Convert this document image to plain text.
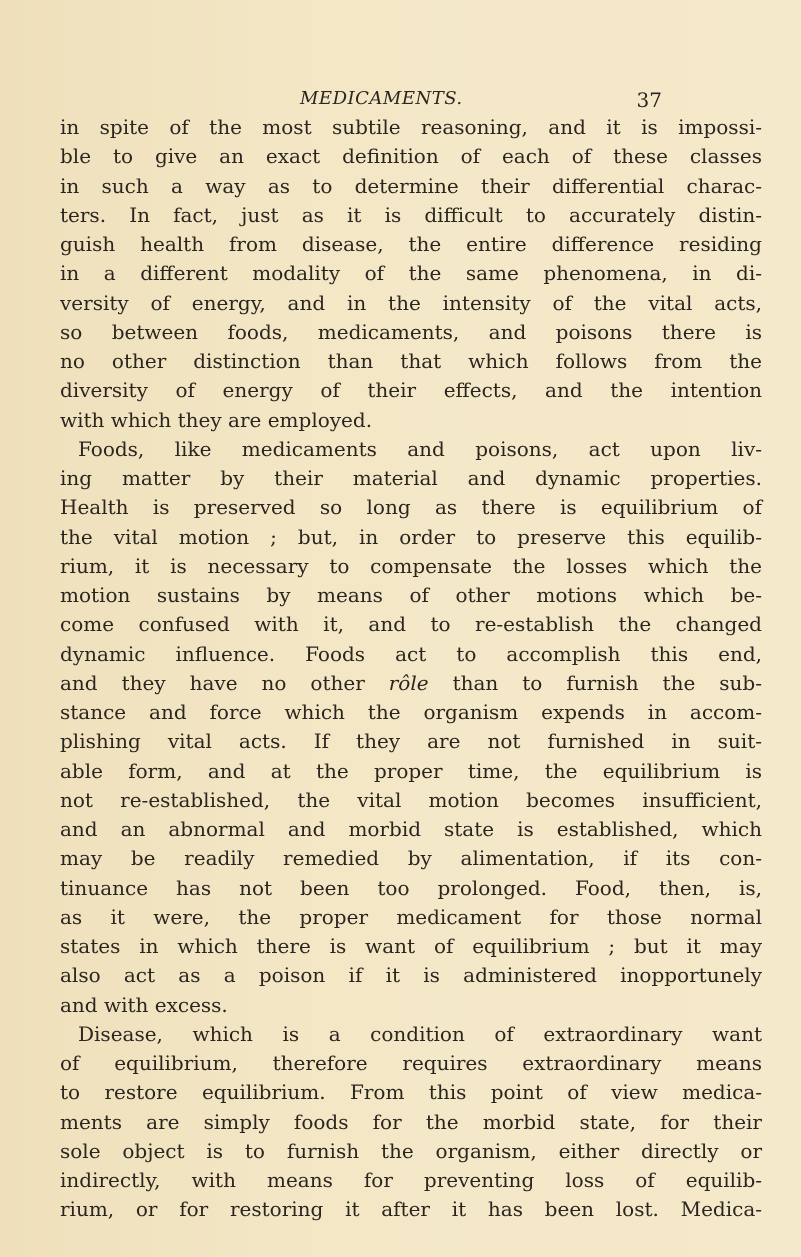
MEDICAMENTS.	37
in spite of the most subtile reasoning, and it is impossi-
ble to give an exact definition of each of these classes
in such a way as to determine their differential charac-
ters. In fact, just as it is difficult to accurately distin-
guish health from disease, the entire difference residing
in a different modality of the same phenomena, in di-
versity of energy, and in the intensity of the vital acts,
so between foods, medicaments, and poisons there is
no other distinction than that which follows from the
diversity of energy of their effects, and the intention
with which they are employed.
Foods, like medicaments and poisons, act upon liv-
ing matter by their material and dynamic properties.
Health is preserved so long as there is equilibrium of
the vital motion ; but, in order to preserve this equilib-
rium, it is necessary to compensate the losses which the
motion sustains by means of other motions which be-
come confused with it, and to re-establish the changed
dynamic influence. Foods act to accomplish this end,
and they have no other rôle than to furnish the sub-
stance and force which the organism expends in accom-
plishing vital acts. If they are not furnished in suit-
able form, and at the proper time, the equilibrium is
not re-established, the vital motion becomes insufficient,
and an abnormal and morbid state is established, which
may be readily remedied by alimentation, if its con-
tinuance has not been too prolonged. Food, then, is,
as it were, the proper medicament for those normal
states in which there is want of equilibrium ; but it may
also act as a poison if it is administered inopportunely
and with excess.
Disease, which is a condition of extraordinary want
of equilibrium, therefore requires extraordinary means
to restore equilibrium. From this point of view medica-
ments are simply foods for the morbid state, for their
sole object is to furnish the organism, either directly or
indirectly, with means for preventing loss of equilib-
rium, or for restoring it after it has been lost. Medica-
